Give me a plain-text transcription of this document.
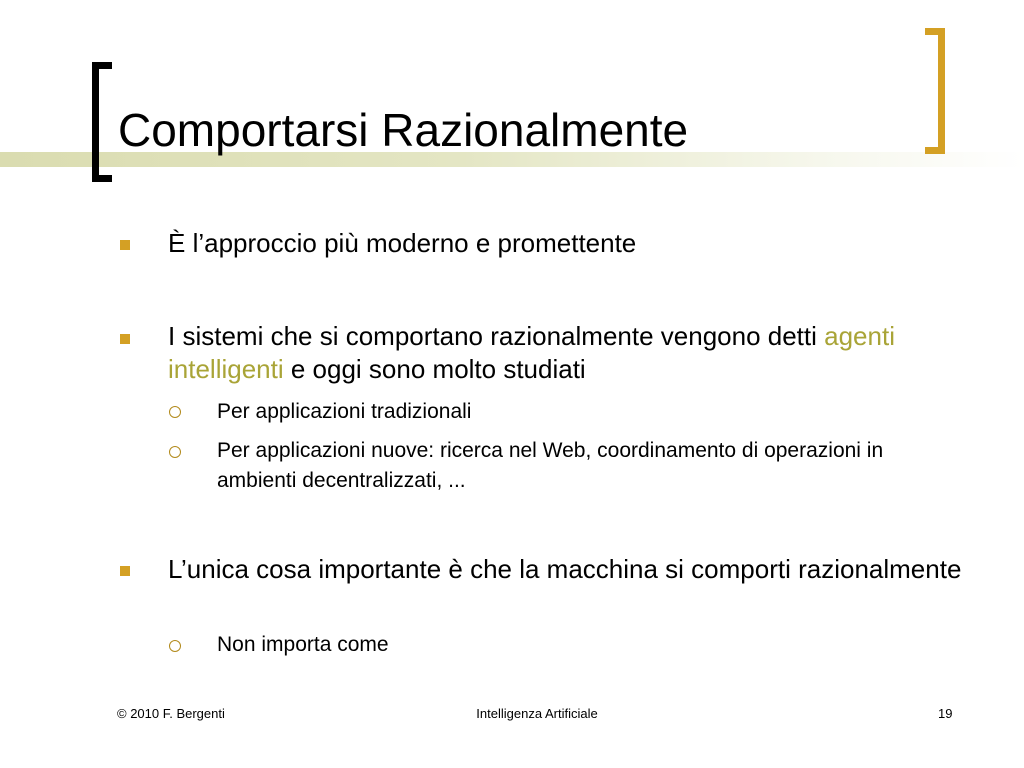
Comportarsi Razionalmente
È l’approccio più moderno e promettente
I sistemi che si comportano razionalmente vengono detti agenti intelligenti e oggi sono molto studiati
Per applicazioni tradizionali
Per applicazioni nuove: ricerca nel Web, coordinamento di operazioni in ambienti decentralizzati, ...
L’unica cosa importante è che la macchina si comporti razionalmente
Non importa come
© 2010 F. Bergenti	Intelligenza Artificiale	19
